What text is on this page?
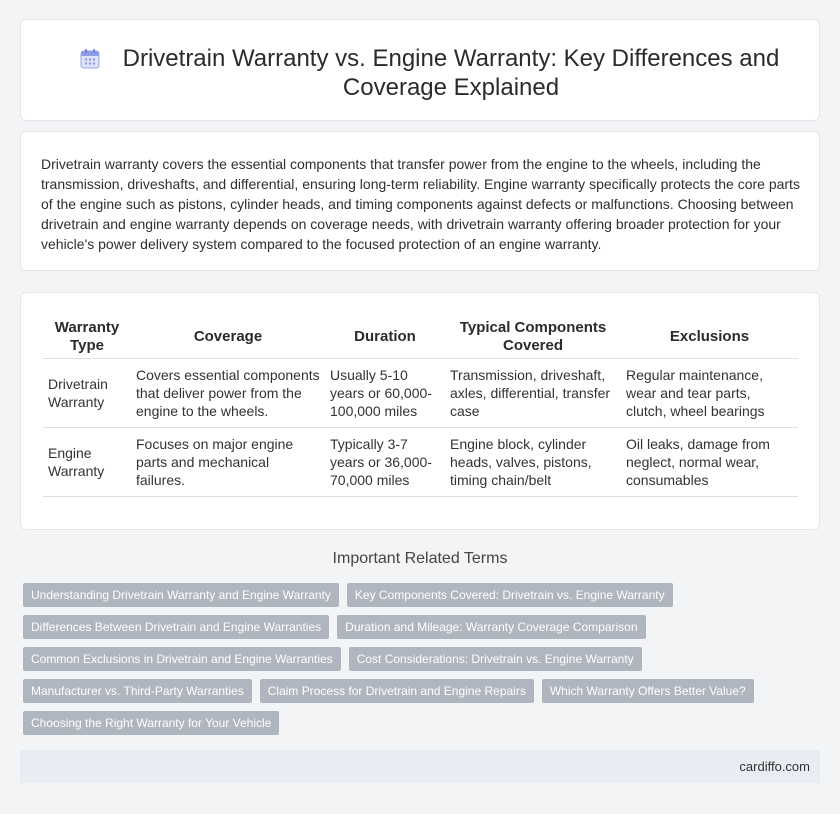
Drivetrain Warranty vs. Engine Warranty: Key Differences and Coverage Explained

Drivetrain warranty covers the essential components that transfer power from the engine to the wheels, including the transmission, driveshafts, and differential, ensuring long-term reliability. Engine warranty specifically protects the core parts of the engine such as pistons, cylinder heads, and timing components against defects or malfunctions. Choosing between drivetrain and engine warranty depends on coverage needs, with drivetrain warranty offering broader protection for your vehicle's power delivery system compared to the focused protection of an engine warranty.

Warranty Type	Coverage	Duration	Typical Components Covered	Exclusions
Drivetrain Warranty	Covers essential components that deliver power from the engine to the wheels.	Usually 5-10 years or 60,000-100,000 miles	Transmission, driveshaft, axles, differential, transfer case	Regular maintenance, wear and tear parts, clutch, wheel bearings
Engine Warranty	Focuses on major engine parts and mechanical failures.	Typically 3-7 years or 36,000-70,000 miles	Engine block, cylinder heads, valves, pistons, timing chain/belt	Oil leaks, damage from neglect, normal wear, consumables
Important Related Terms
Understanding Drivetrain Warranty and Engine Warranty	Key Components Covered: Drivetrain vs. Engine Warranty
Differences Between Drivetrain and Engine Warranties	Duration and Mileage: Warranty Coverage Comparison
Common Exclusions in Drivetrain and Engine Warranties	Cost Considerations: Drivetrain vs. Engine Warranty
Manufacturer vs. Third-Party Warranties	Claim Process for Drivetrain and Engine Repairs	Which Warranty Offers Better Value?
Choosing the Right Warranty for Your Vehicle
cardiffo.com
